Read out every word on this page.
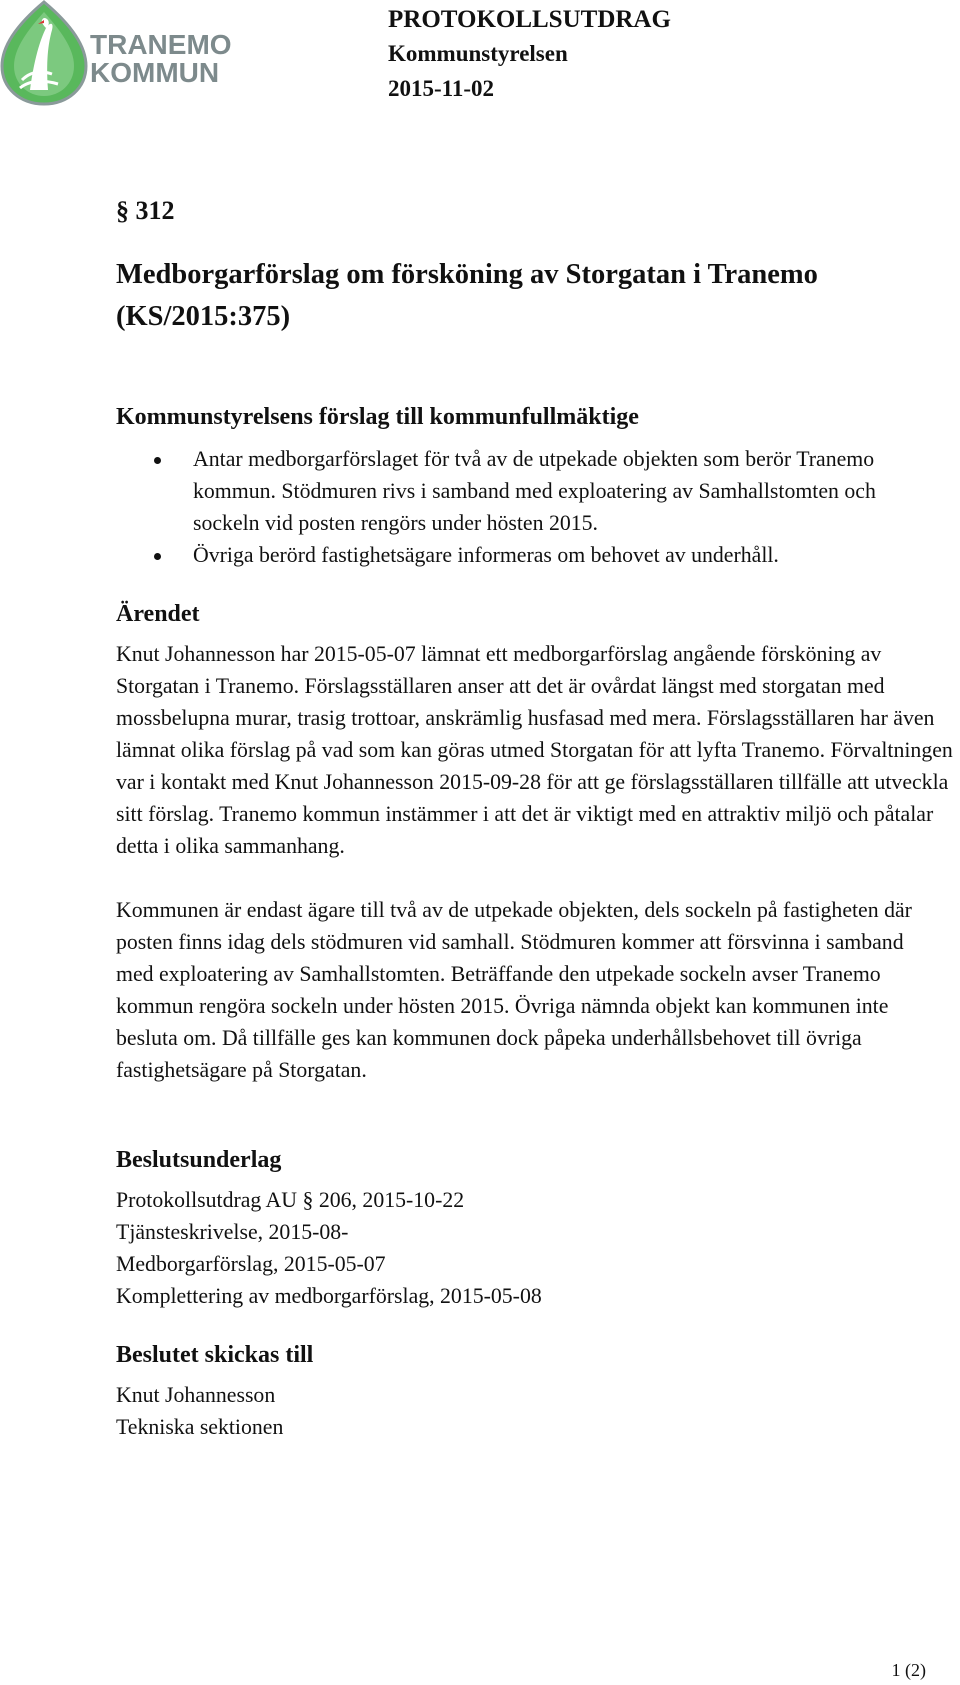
TRANEMO
KOMMUN
PROTOKOLLSUTDRAG
Kommunstyrelsen
2015-11-02
§ 312
Medborgarförslag om försköning av Storgatan i Tranemo
(KS/2015:375)
Kommunstyrelsens förslag till kommunfullmäktige
Antar medborgarförslaget för två av de utpekade objekten som berör Tranemo kommun. Stödmuren rivs i samband med exploatering av Samhallstomten och sockeln vid posten rengörs under hösten 2015.
Övriga berörd fastighetsägare informeras om behovet av underhåll.
Ärendet
Knut Johannesson har 2015-05-07 lämnat ett medborgarförslag angående försköning av Storgatan i Tranemo. Förslagsställaren anser att det är ovårdat längst med storgatan med mossbelupna murar, trasig trottoar, anskrämlig husfasad med mera. Förslagsställaren har även lämnat olika förslag på vad som kan göras utmed Storgatan för att lyfta Tranemo. Förvaltningen var i kontakt med Knut Johannesson 2015-09-28 för att ge förslagsställaren tillfälle att utveckla sitt förslag. Tranemo kommun instämmer i att det är viktigt med en attraktiv miljö och påtalar detta i olika sammanhang.
Kommunen är endast ägare till två av de utpekade objekten, dels sockeln på fastigheten där posten finns idag dels stödmuren vid samhall. Stödmuren kommer att försvinna i samband med exploatering av Samhallstomten. Beträffande den utpekade sockeln avser Tranemo kommun rengöra sockeln under hösten 2015. Övriga nämnda objekt kan kommunen inte besluta om. Då tillfälle ges kan kommunen dock påpeka underhållsbehovet till övriga fastighetsägare på Storgatan.
Beslutsunderlag
Protokollsutdrag AU § 206, 2015-10-22
Tjänsteskrivelse, 2015-08-
Medborgarförslag, 2015-05-07
Komplettering av medborgarförslag, 2015-05-08
Beslutet skickas till
Knut Johannesson
Tekniska sektionen
1 (2)
